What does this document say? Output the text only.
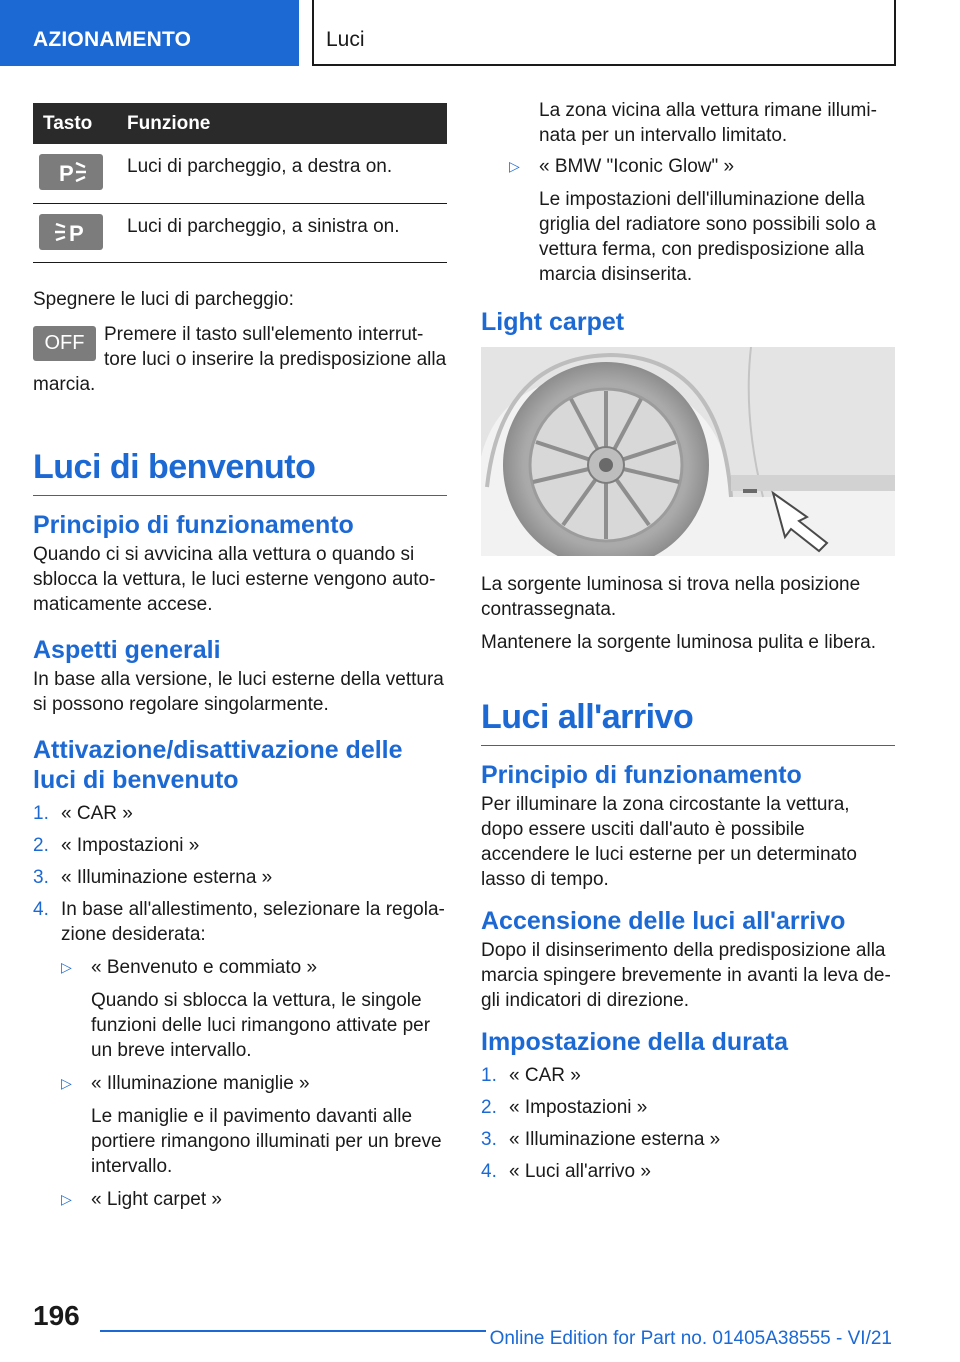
AZIONAMENTO	Luci
Tasto	Funzione

P	Luci di parcheggio, a destra on.

P	Luci di parcheggio, a sinistra on.

Spegnere le luci di parcheggio:

OFF	Premere il tasto sull'elemento interruttore luci o inserire la predisposizione alla marcia.

Luci di benvenuto
Principio di funzionamento

Quando ci si avvicina alla vettura o quando si sblocca la vettura, le luci esterne vengono automaticamente accese.

Aspetti generali

In base alla versione, le luci esterne della vettura si possono regolare singolarmente.

Attivazione/disattivazione delle luci di benvenuto
1. « CAR »
2. « Impostazioni »
3. « Illuminazione esterna »
4. In base all'allestimento, selezionare la regolazione desiderata:
▷ « Benvenuto e commiato »
Quando si sblocca la vettura, le singole funzioni delle luci rimangono attivate per un breve intervallo.
▷ « Illuminazione maniglie »
Le maniglie e il pavimento davanti alle portiere rimangono illuminati per un breve intervallo.
▷ « Light carpet »

La zona vicina alla vettura rimane illuminata per un intervallo limitato.

▷ « BMW "Iconic Glow" »
Le impostazioni dell'illuminazione della griglia del radiatore sono possibili solo a vettura ferma, con predisposizione alla marcia disinserita.
Light carpet

La sorgente luminosa si trova nella posizione contrassegnata.

Mantenere la sorgente luminosa pulita e libera.

Luci all'arrivo
Principio di funzionamento

Per illuminare la zona circostante la vettura, dopo essere usciti dall'auto è possibile accendere le luci esterne per un determinato lasso di tempo.

Accensione delle luci all'arrivo

Dopo il disinserimento della predisposizione alla marcia spingere brevemente in avanti la leva degli indicatori di direzione.

Impostazione della durata
1. « CAR »
2. « Impostazioni »
3. « Illuminazione esterna »
4. « Luci all'arrivo »
196
Online Edition for Part no. 01405A38555 - VI/21
